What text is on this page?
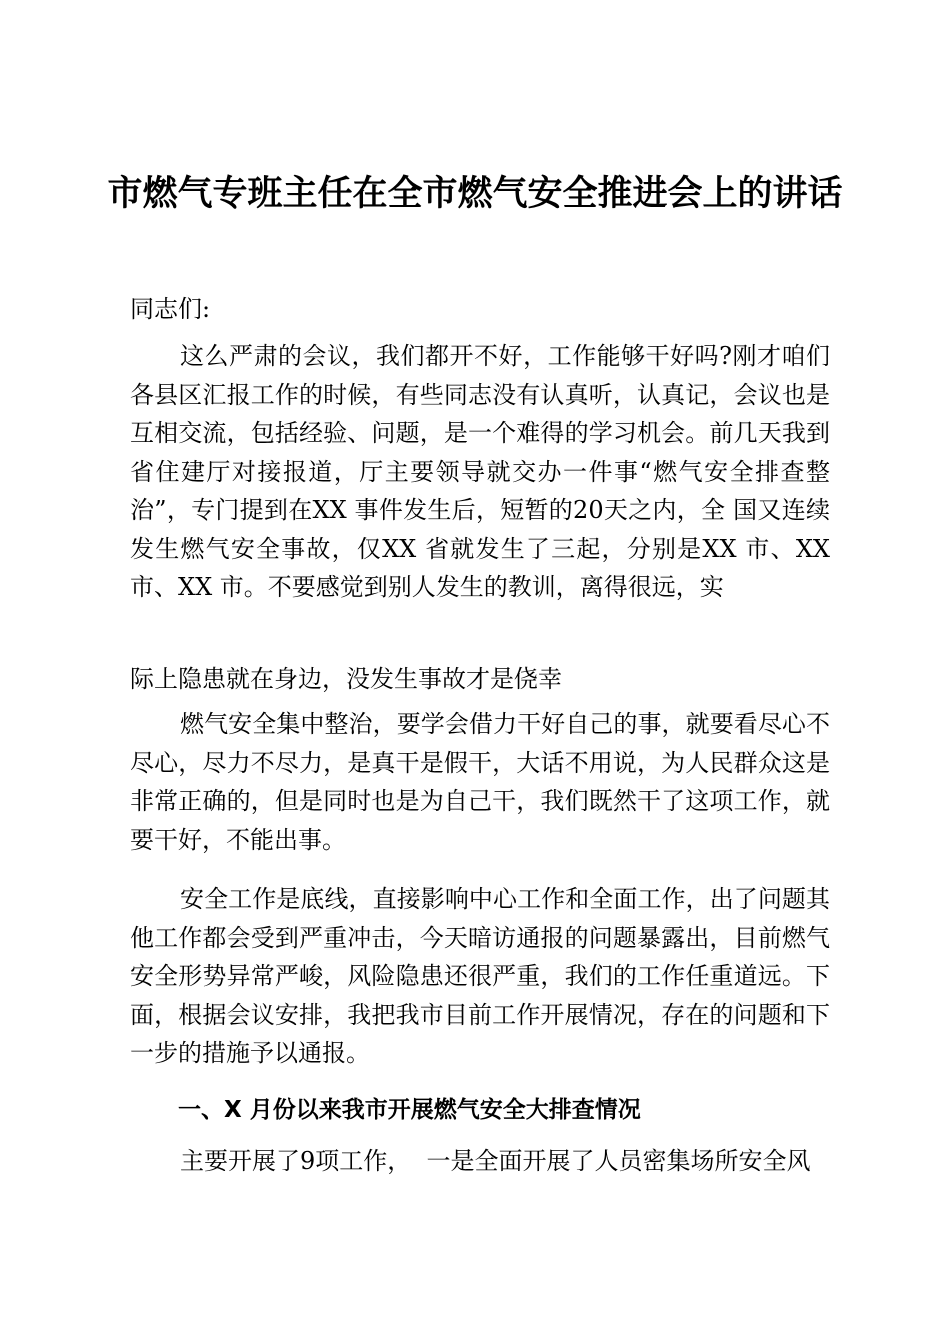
市燃气专班主任在全市燃气安全推进会上的讲话

同志们:

这么严肃的会议，我们都开不好，工作能够干好吗?刚才咱们各县区汇报工作的时候，有些同志没有认真听，认真记，会议也是互相交流，包括经验、问题，是一个难得的学习机会。前几天我到省住建厅对接报道，厅主要领导就交办一件事“燃气安全排查整治”，专门提到在XX 事件发生后，短暂的20天之内，全 国又连续发生燃气安全事故，仅XX 省就发生了三起，分别是XX 市、XX 市、XX 市。不要感觉到别人发生的教训，离得很远，实

际上隐患就在身边，没发生事故才是侥幸

燃气安全集中整治，要学会借力干好自己的事，就要看尽心不尽心，尽力不尽力，是真干是假干，大话不用说，为人民群众这是非常正确的，但是同时也是为自己干，我们既然干了这项工作，就要干好，不能出事。

安全工作是底线，直接影响中心工作和全面工作，出了问题其他工作都会受到严重冲击，今天暗访通报的问题暴露出，目前燃气安全形势异常严峻，风险隐患还很严重，我们的工作任重道远。下面，根据会议安排，我把我市目前工作开展情况，存在的问题和下一步的措施予以通报。

一、X 月份以来我市开展燃气安全大排查情况

主要开展了9项工作，  一是全面开展了人员密集场所安全风
